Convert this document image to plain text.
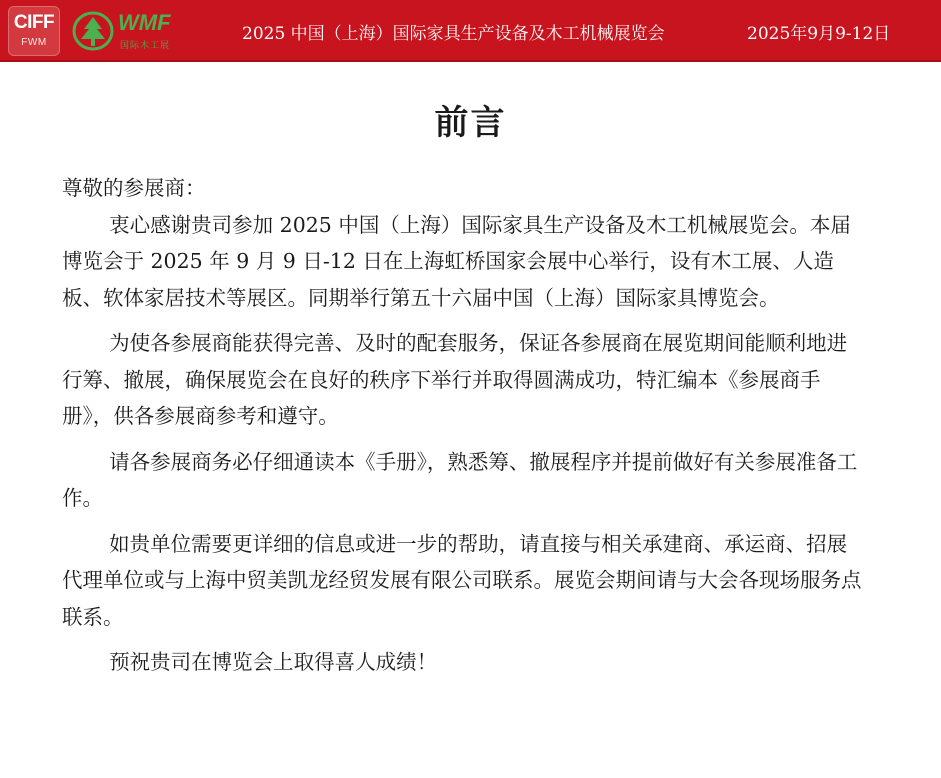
CIFF
FWM
WMF
国际木工展
2025 中国（上海）国际家具生产设备及木工机械展览会	2025年9月9-12日
前言

尊敬的参展商：

衷心感谢贵司参加 2025 中国（上海）国际家具生产设备及木工机械展览会。本届博览会于 2025 年 9 月 9 日-12 日在上海虹桥国家会展中心举行，设有木工展、人造板、软体家居技术等展区。同期举行第五十六届中国（上海）国际家具博览会。

为使各参展商能获得完善、及时的配套服务，保证各参展商在展览期间能顺利地进行筹、撤展，确保展览会在良好的秩序下举行并取得圆满成功，特汇编本《参展商手册》，供各参展商参考和遵守。

请各参展商务必仔细通读本《手册》，熟悉筹、撤展程序并提前做好有关参展准备工作。

如贵单位需要更详细的信息或进一步的帮助，请直接与相关承建商、承运商、招展代理单位或与上海中贸美凯龙经贸发展有限公司联系。展览会期间请与大会各现场服务点联系。

预祝贵司在博览会上取得喜人成绩！
